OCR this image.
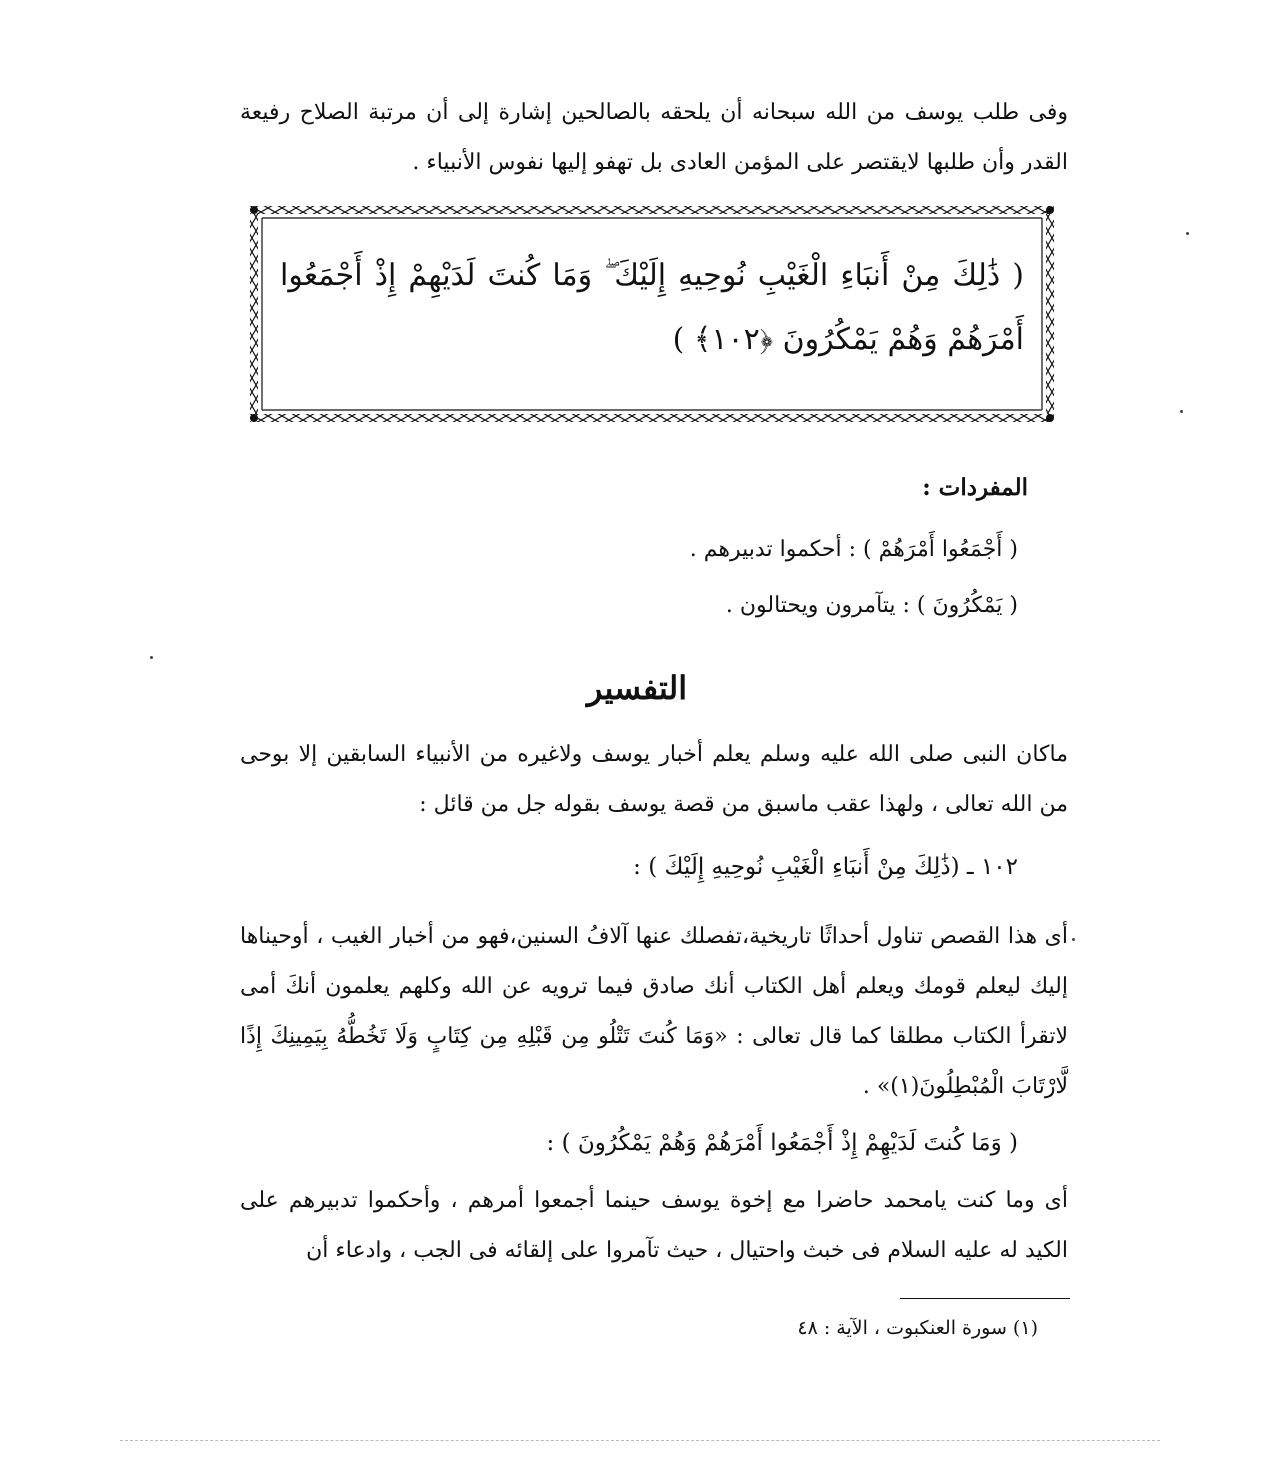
وفى طلب يوسف من الله سبحانه أن يلحقه بالصالحين إشارة إلى أن مرتبة الصلاح رفيعة القدر وأن طلبها لايقتصر على المؤمن العادى بل تهفو إليها نفوس الأنبياء .

( ذَٰلِكَ مِنْ أَنبَاءِ الْغَيْبِ نُوحِيهِ إِلَيْكَ ۖ وَمَا كُنتَ لَدَيْهِمْ إِذْ أَجْمَعُوا أَمْرَهُمْ وَهُمْ يَمْكُرُونَ ﴿١٠٢﴾ )
المفردات :
( أَجْمَعُوا أَمْرَهُمْ ) : أحكموا تدبيرهم .
( يَمْكُرُونَ ) : يتآمرون ويحتالون .
التفسير

ماكان النبى صلى الله عليه وسلم يعلم أخبار يوسف ولاغيره من الأنبياء السابقين إلا بوحى من الله تعالى ، ولهذا عقب ماسبق من قصة يوسف بقوله جل من قائل :

١٠٢ ـ (ذَٰلِكَ مِنْ أَنبَاءِ الْغَيْبِ نُوحِيهِ إِلَيْكَ ) :

أى هذا القصص تناول أحداثًا تاريخية،تفصلك عنها آلافُ السنين،فهو من أخبار الغيب ، أوحيناها إليك ليعلم قومك ويعلم أهل الكتاب أنك صادق فيما ترويه عن الله وكلهم يعلمون أنكَ أمى لاتقرأ الكتاب مطلقا كما قال تعالى : «وَمَا كُنتَ تَتْلُو مِن قَبْلِهِ مِن كِتَابٍ وَلَا تَخُطُّهُ بِيَمِينِكَ إِذًا لَّارْتَابَ الْمُبْطِلُونَ(١)» .

( وَمَا كُنتَ لَدَيْهِمْ إِذْ أَجْمَعُوا أَمْرَهُمْ وَهُمْ يَمْكُرُونَ ) :

أى وما كنت يامحمد حاضرا مع إخوة يوسف حينما أجمعوا أمرهم ، وأحكموا تدبيرهم على الكيد له عليه السلام فى خبث واحتيال ، حيث تآمروا على إلقائه فى الجب ، وادعاء أن

(١) سورة العنكبوت ، الآية : ٤٨
